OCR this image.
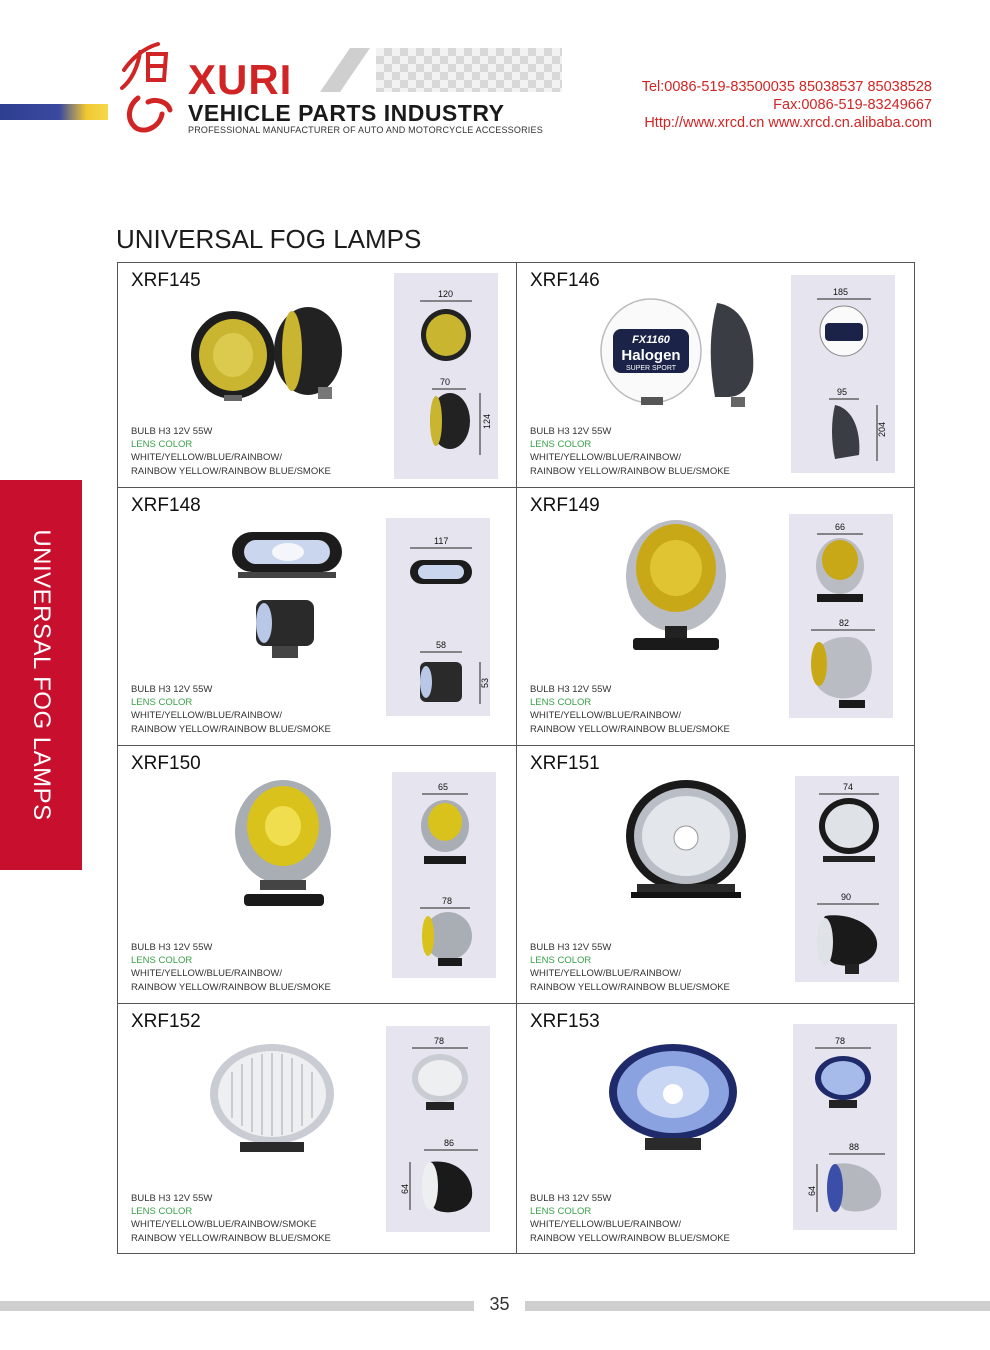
XURI
VEHICLE PARTS INDUSTRY
PROFESSIONAL MANUFACTURER OF AUTO AND MOTORCYCLE ACCESSORIES
Tel:0086-519-83500035 85038537 85038528
Fax:0086-519-83249667
Http://www.xrcd.cn www.xrcd.cn.alibaba.com
UNIVERSAL FOG LAMPS
UNIVERSAL FOG LAMPS
XRF145
120
70
124
BULB H3 12V 55W
LENS COLOR
WHITE/YELLOW/BLUE/RAINBOW/
RAINBOW YELLOW/RAINBOW BLUE/SMOKE
XRF146
FX1160
Halogen
SUPER SPORT
185
95
204
BULB H3 12V 55W
LENS COLOR
WHITE/YELLOW/BLUE/RAINBOW/
RAINBOW YELLOW/RAINBOW BLUE/SMOKE
XRF148
117
58
53
BULB H3 12V 55W
LENS COLOR
WHITE/YELLOW/BLUE/RAINBOW/
RAINBOW YELLOW/RAINBOW BLUE/SMOKE
XRF149
66
82
BULB H3 12V 55W
LENS COLOR
WHITE/YELLOW/BLUE/RAINBOW/
RAINBOW YELLOW/RAINBOW BLUE/SMOKE
XRF150
65
78
BULB H3 12V 55W
LENS COLOR
WHITE/YELLOW/BLUE/RAINBOW/
RAINBOW YELLOW/RAINBOW BLUE/SMOKE
XRF151
74
90
BULB H3 12V 55W
LENS COLOR
WHITE/YELLOW/BLUE/RAINBOW/
RAINBOW YELLOW/RAINBOW BLUE/SMOKE
XRF152
78
86
64
BULB H3 12V 55W
LENS COLOR
WHITE/YELLOW/BLUE/RAINBOW/SMOKE
RAINBOW YELLOW/RAINBOW BLUE/SMOKE
XRF153
78
88
64
BULB H3 12V 55W
LENS COLOR
WHITE/YELLOW/BLUE/RAINBOW/
RAINBOW YELLOW/RAINBOW BLUE/SMOKE
35
